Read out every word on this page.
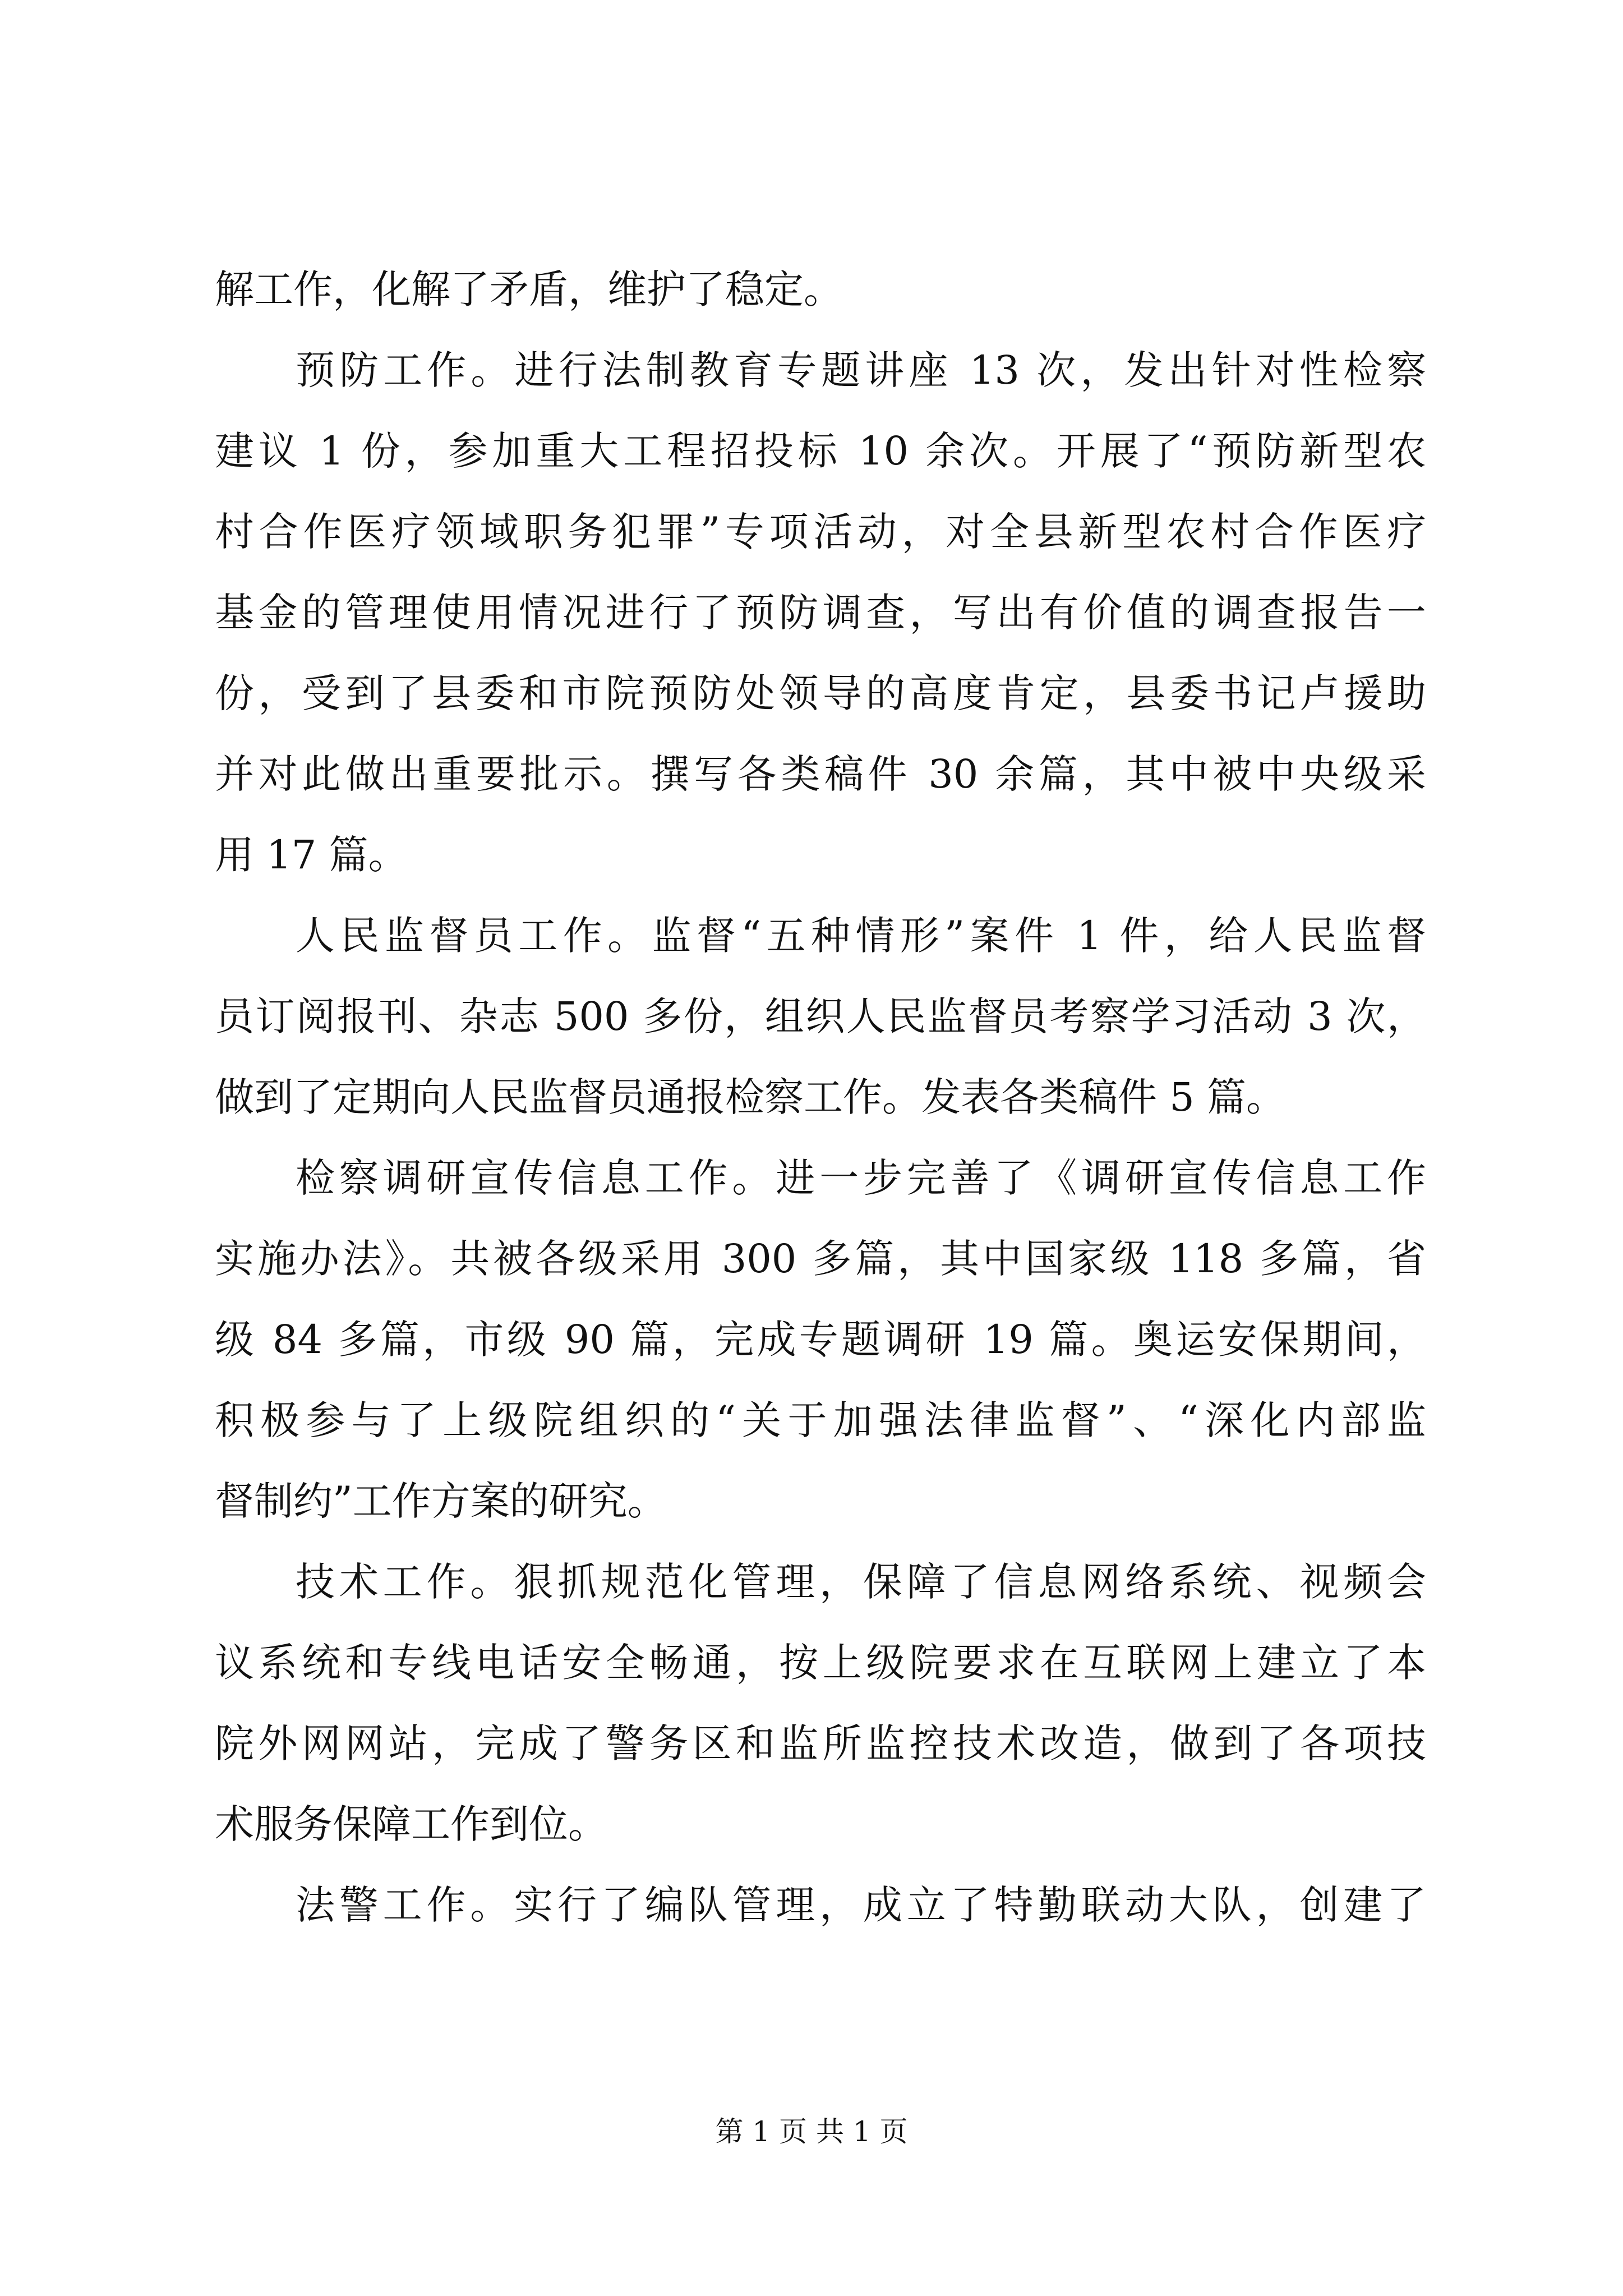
解工作，化解了矛盾，维护了稳定。
预防工作。进行法制教育专题讲座 13 次，发出针对性检察
建议 1 份，参加重大工程招投标 10 余次。开展了“预防新型农
村合作医疗领域职务犯罪”专项活动，对全县新型农村合作医疗
基金的管理使用情况进行了预防调查，写出有价值的调查报告一
份，受到了县委和市院预防处领导的高度肯定，县委书记卢援助
并对此做出重要批示。撰写各类稿件 30 余篇，其中被中央级采
用 17 篇。
人民监督员工作。监督“五种情形”案件 1 件，给人民监督
员订阅报刊、杂志 500 多份，组织人民监督员考察学习活动 3 次，
做到了定期向人民监督员通报检察工作。发表各类稿件 5 篇。
检察调研宣传信息工作。进一步完善了《调研宣传信息工作
实施办法》。共被各级采用 300 多篇，其中国家级 118 多篇，省
级 84 多篇，市级 90 篇，完成专题调研 19 篇。奥运安保期间，
积极参与了上级院组织的“关于加强法律监督”、“深化内部监
督制约”工作方案的研究。
技术工作。狠抓规范化管理，保障了信息网络系统、视频会
议系统和专线电话安全畅通，按上级院要求在互联网上建立了本
院外网网站，完成了警务区和监所监控技术改造，做到了各项技
术服务保障工作到位。
法警工作。实行了编队管理，成立了特勤联动大队，创建了
第 1 页 共 1 页
